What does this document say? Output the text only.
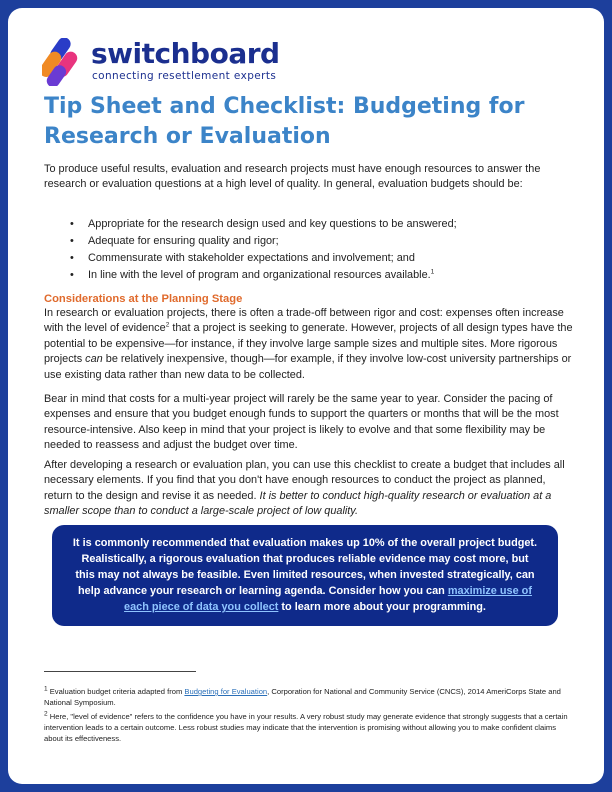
switchboard
connecting resettlement experts
Tip Sheet and Checklist: Budgeting for Research or Evaluation

To produce useful results, evaluation and research projects must have enough resources to answer the research or evaluation questions at a high level of quality. In general, evaluation budgets should be:

• Appropriate for the research design used and key questions to be answered;
• Adequate for ensuring quality and rigor;
• Commensurate with stakeholder expectations and involvement; and
• In line with the level of program and organizational resources available.$^1$
Considerations at the Planning Stage

In research or evaluation projects, there is often a trade-off between rigor and cost: expenses often increase with the level of evidence$^2$ that a project is seeking to generate. However, projects of all design types have the potential to be expensive—for instance, if they involve large sample sizes and multiple sites. More rigorous projects can be relatively inexpensive, though—for example, if they involve low-cost university partnerships or use existing data rather than new data to be collected.

Bear in mind that costs for a multi-year project will rarely be the same year to year. Consider the pacing of expenses and ensure that you budget enough funds to support the quarters or months that will be the most resource-intensive. Also keep in mind that your project is likely to evolve and that some flexibility may be needed to reassess and adjust the budget over time.

After developing a research or evaluation plan, you can use this checklist to create a budget that includes all necessary elements. If you find that you don't have enough resources to conduct the project as planned, return to the design and revise it as needed. It is better to conduct high-quality research or evaluation at a smaller scope than to conduct a large-scale project of low quality.

It is commonly recommended that evaluation makes up 10% of the overall project budget. Realistically, a rigorous evaluation that produces reliable evidence may cost more, but this may not always be feasible. Even limited resources, when invested strategically, can help advance your research or learning agenda. Consider how you can maximize use of each piece of data you collect to learn more about your programming.

$^1$ Evaluation budget criteria adapted from Budgeting for Evaluation, Corporation for National and Community Service (CNCS), 2014 AmeriCorps State and National Symposium.

$^2$ Here, "level of evidence" refers to the confidence you have in your results. A very robust study may generate evidence that strongly suggests that a certain intervention leads to a certain outcome. Less robust studies may indicate that the intervention is promising without allowing you to make confident claims about its effectiveness.
